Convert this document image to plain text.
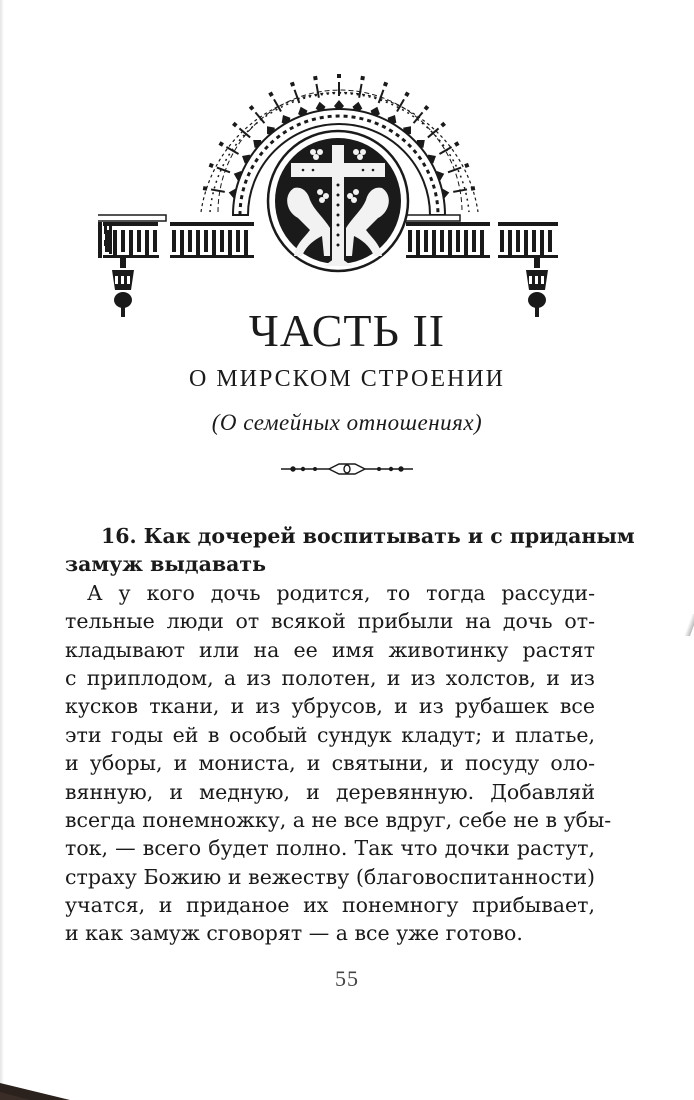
ЧАСТЬ II
О МИРСКОМ СТРОЕНИИ
(О семейных отношениях)
16. Как дочерей воспитывать и с приданым
замуж выдавать
А у кого дочь родится, то тогда рассуди-
тельные люди от всякой прибыли на дочь от-
кладывают или на ее имя животинку растят
с приплодом, а из полотен, и из холстов, и из
кусков ткани, и из убрусов, и из рубашек все
эти годы ей в особый сундук кладут; и платье,
и уборы, и мониста, и святыни, и посуду оло-
вянную, и медную, и деревянную. Добавляй
всегда понемножку, а не все вдруг, себе не в убы-
ток, — всего будет полно. Так что дочки растут,
страху Божию и вежеству (благовоспитанности)
учатся, и приданое их понемногу прибывает,
и как замуж сговорят — а все уже готово.
55
